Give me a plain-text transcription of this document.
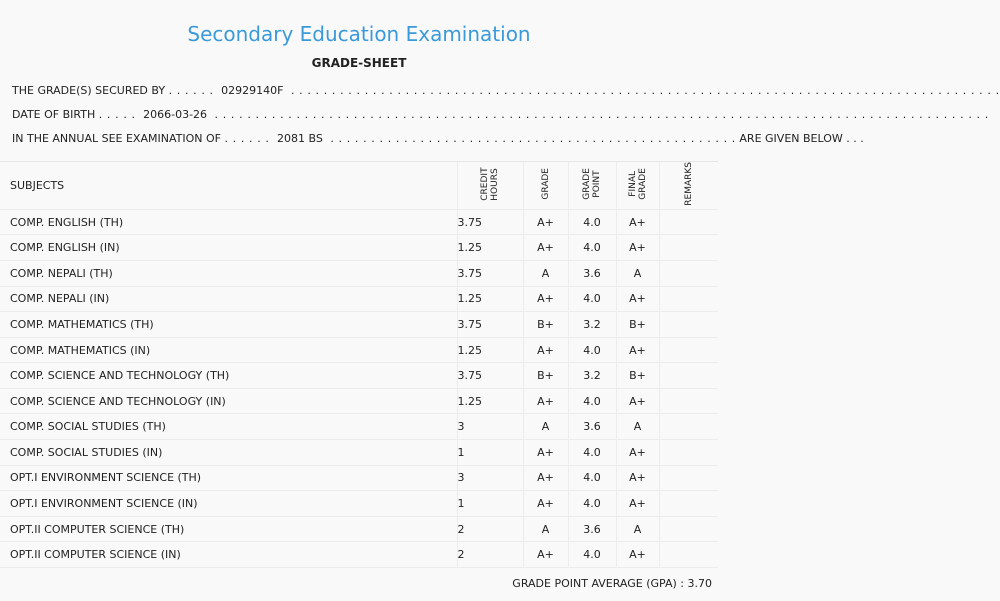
Secondary Education Examination
GRADE-SHEET
THE GRADE(S) SECURED BY . . . . . . 02929140F . . . . . . . . . . . . . . . . . . . . . . . . . . . . . . . . . . . . . . . . . . . . . . . . . . . . . . . . . . . . . . . . . . . . . . . . . . . . . . . . . . . . . . .
DATE OF BIRTH . . . . . 2066-03-26 . . . . . . . . . . . . . . . . . . . . . . . . . . . . . . . . . . . . . . . . . . . . . . . . . . . . . . . . . . . . . . . . . . . . . . . . . . . . . . . . . . . . . . . . . . . . . . .
IN THE ANNUAL SEE EXAMINATION OF . . . . . . 2081 BS . . . . . . . . . . . . . . . . . . . . . . . . . . . . . . . . . . . . . . . . . . . . . . . . . . ARE GIVEN BELOW . . .
SUBJECTS	CREDIT HOURS	GRADE	GRADE POINT	FINAL GRADE	REMARKS
COMP. ENGLISH (TH)	3.75	A+	4.0	A+	
COMP. ENGLISH (IN)	1.25	A+	4.0	A+	
COMP. NEPALI (TH)	3.75	A	3.6	A	
COMP. NEPALI (IN)	1.25	A+	4.0	A+	
COMP. MATHEMATICS (TH)	3.75	B+	3.2	B+	
COMP. MATHEMATICS (IN)	1.25	A+	4.0	A+	
COMP. SCIENCE AND TECHNOLOGY (TH)	3.75	B+	3.2	B+	
COMP. SCIENCE AND TECHNOLOGY (IN)	1.25	A+	4.0	A+	
COMP. SOCIAL STUDIES (TH)	3	A	3.6	A	
COMP. SOCIAL STUDIES (IN)	1	A+	4.0	A+	
OPT.I ENVIRONMENT SCIENCE (TH)	3	A+	4.0	A+	
OPT.I ENVIRONMENT SCIENCE (IN)	1	A+	4.0	A+	
OPT.II COMPUTER SCIENCE (TH)	2	A	3.6	A	
OPT.II COMPUTER SCIENCE (IN)	2	A+	4.0	A+	
GRADE POINT AVERAGE (GPA) : 3.70
